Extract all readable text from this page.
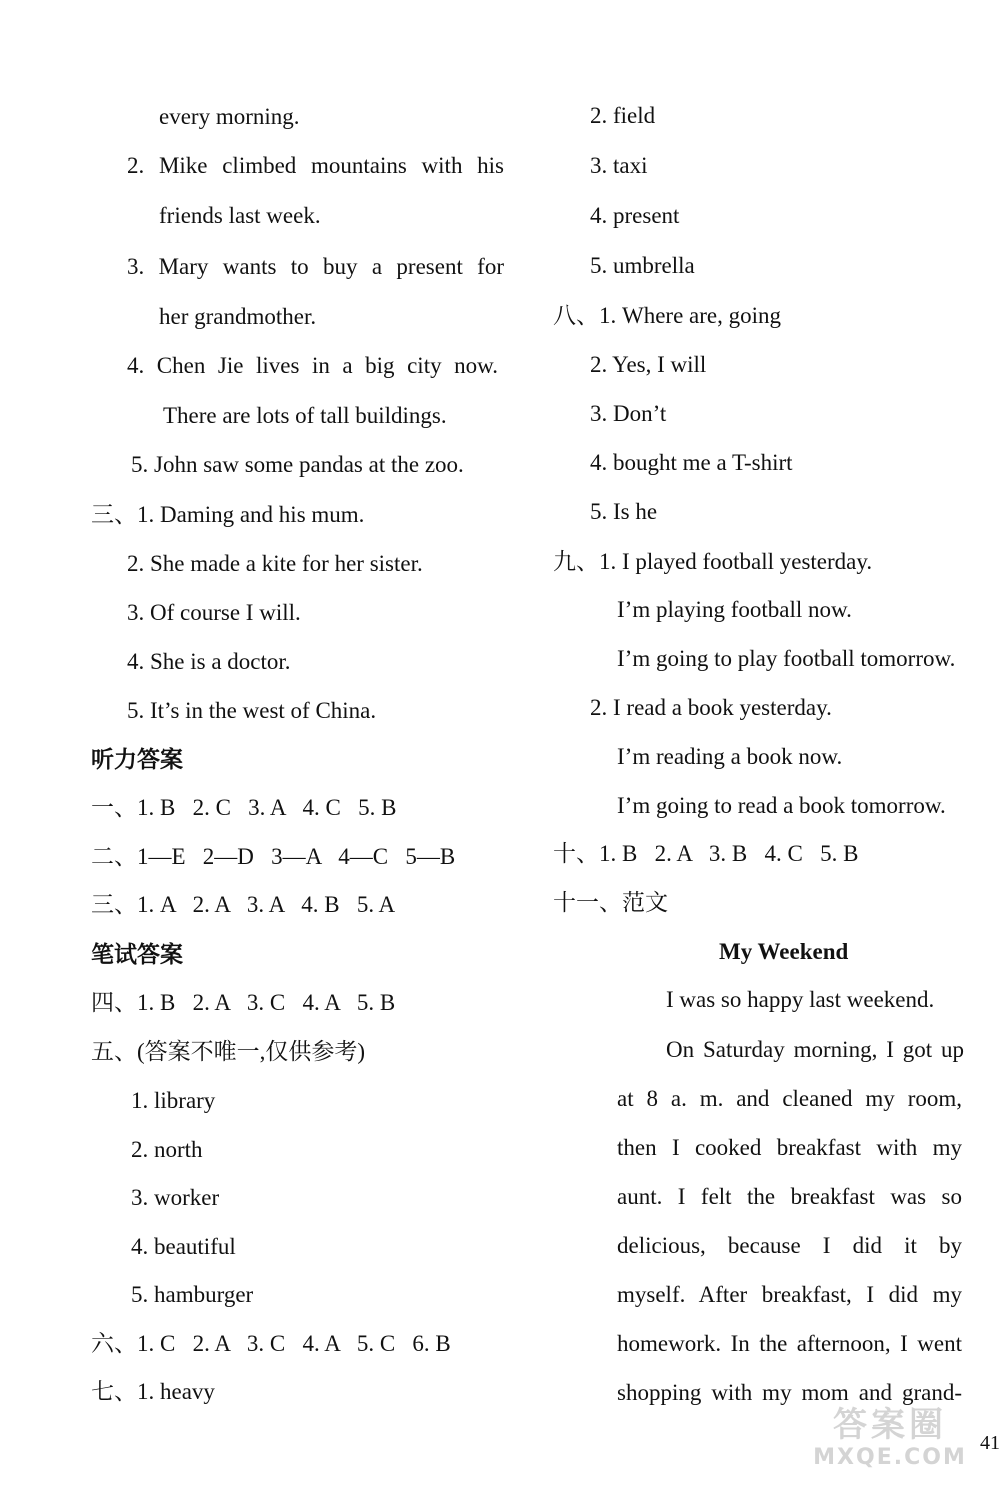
every morning.
2. Mike climbed mountains with his
friends last week.
3. Mary wants to buy a present for
her grandmother.
4. Chen Jie lives in a big city now.
There are lots of tall buildings.
5. John saw some pandas at the zoo.
三、1. Daming and his mum.
2. She made a kite for her sister.
3. Of course I will.
4. She is a doctor.
5. It’s in the west of China.
听力答案
一、1. B   2. C   3. A   4. C   5. B
二、1—E   2—D   3—A   4—C   5—B
三、1. A   2. A   3. A   4. B   5. A
笔试答案
四、1. B   2. A   3. C   4. A   5. B
五、(答案不唯一,仅供参考)
1. library
2. north
3. worker
4. beautiful
5. hamburger
六、1. C   2. A   3. C   4. A   5. C   6. B
七、1. heavy
2. field
3. taxi
4. present
5. umbrella
八、1. Where are, going
2. Yes, I will
3. Don’t
4. bought me a T-shirt
5. Is he
九、1. I played football yesterday.
I’m playing football now.
I’m going to play football tomorrow.
2. I read a book yesterday.
I’m reading a book now.
I’m going to read a book tomorrow.
十、1. B   2. A   3. B   4. C   5. B
十一、范文
My Weekend
I was so happy last weekend.
On Saturday morning, I got up
at 8 a. m. and cleaned my room,
then I cooked breakfast with my
aunt. I felt the breakfast was so
delicious, because I did it by
myself. After breakfast, I did my
homework. In the afternoon, I went
shopping with my mom and grand-
答案圈
MXQE.COM
41
